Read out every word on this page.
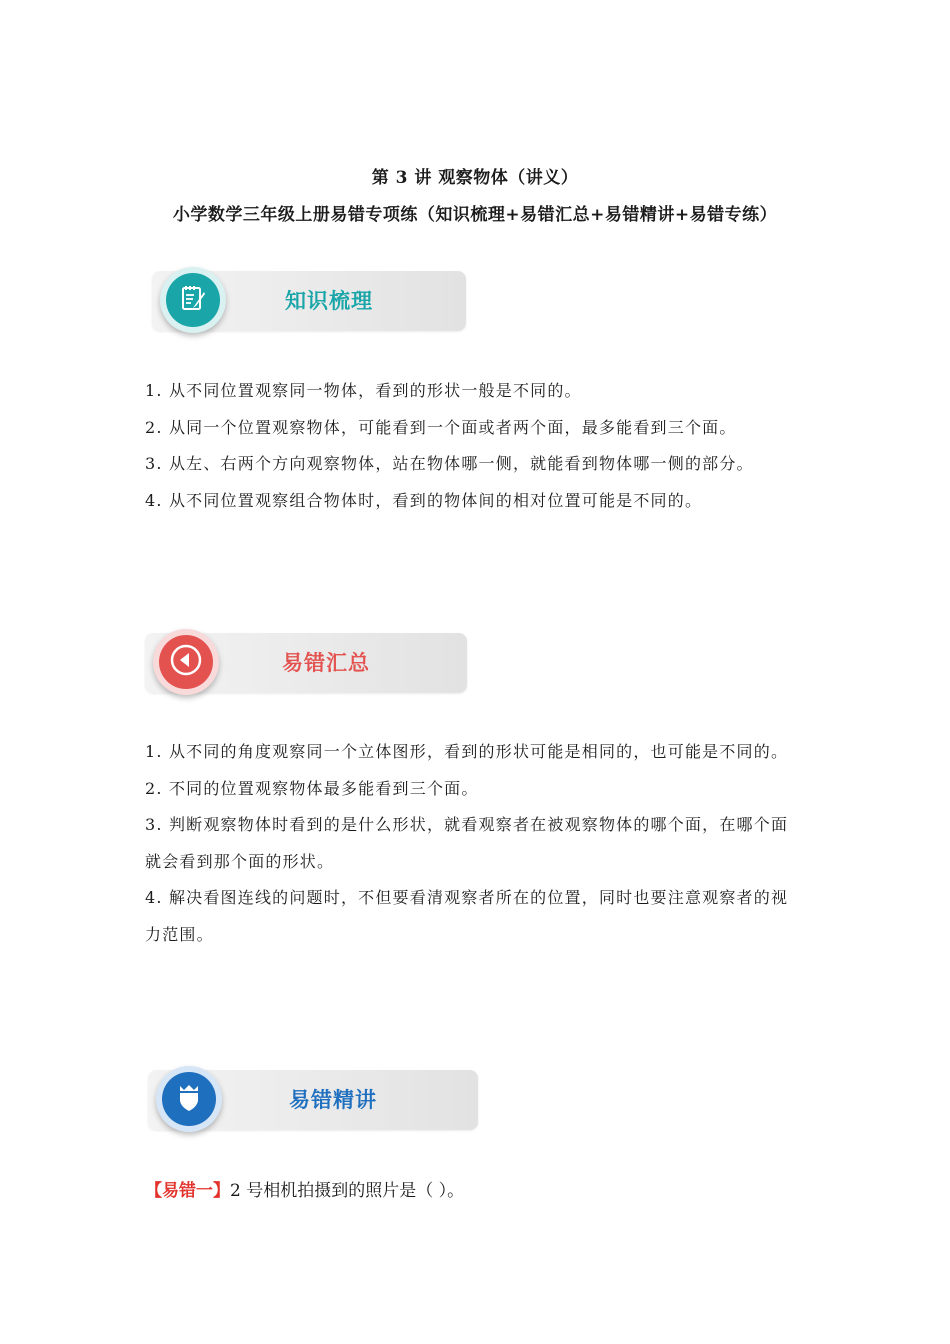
第 3 讲 观察物体（讲义）
小学数学三年级上册易错专项练（知识梳理+易错汇总+易错精讲+易错专练）
知识梳理

1. 从不同位置观察同一物体，看到的形状一般是不同的。

2. 从同一个位置观察物体，可能看到一个面或者两个面，最多能看到三个面。

3. 从左、右两个方向观察物体，站在物体哪一侧，就能看到物体哪一侧的部分。

4. 从不同位置观察组合物体时，看到的物体间的相对位置可能是不同的。

易错汇总

1. 从不同的角度观察同一个立体图形，看到的形状可能是相同的，也可能是不同的。

2. 不同的位置观察物体最多能看到三个面。

3. 判断观察物体时看到的是什么形状，就看观察者在被观察物体的哪个面，在哪个面就会看到那个面的形状。

4. 解决看图连线的问题时，不但要看清观察者所在的位置，同时也要注意观察者的视力范围。

易错精讲
【易错一】2 号相机拍摄到的照片是（ ）。
